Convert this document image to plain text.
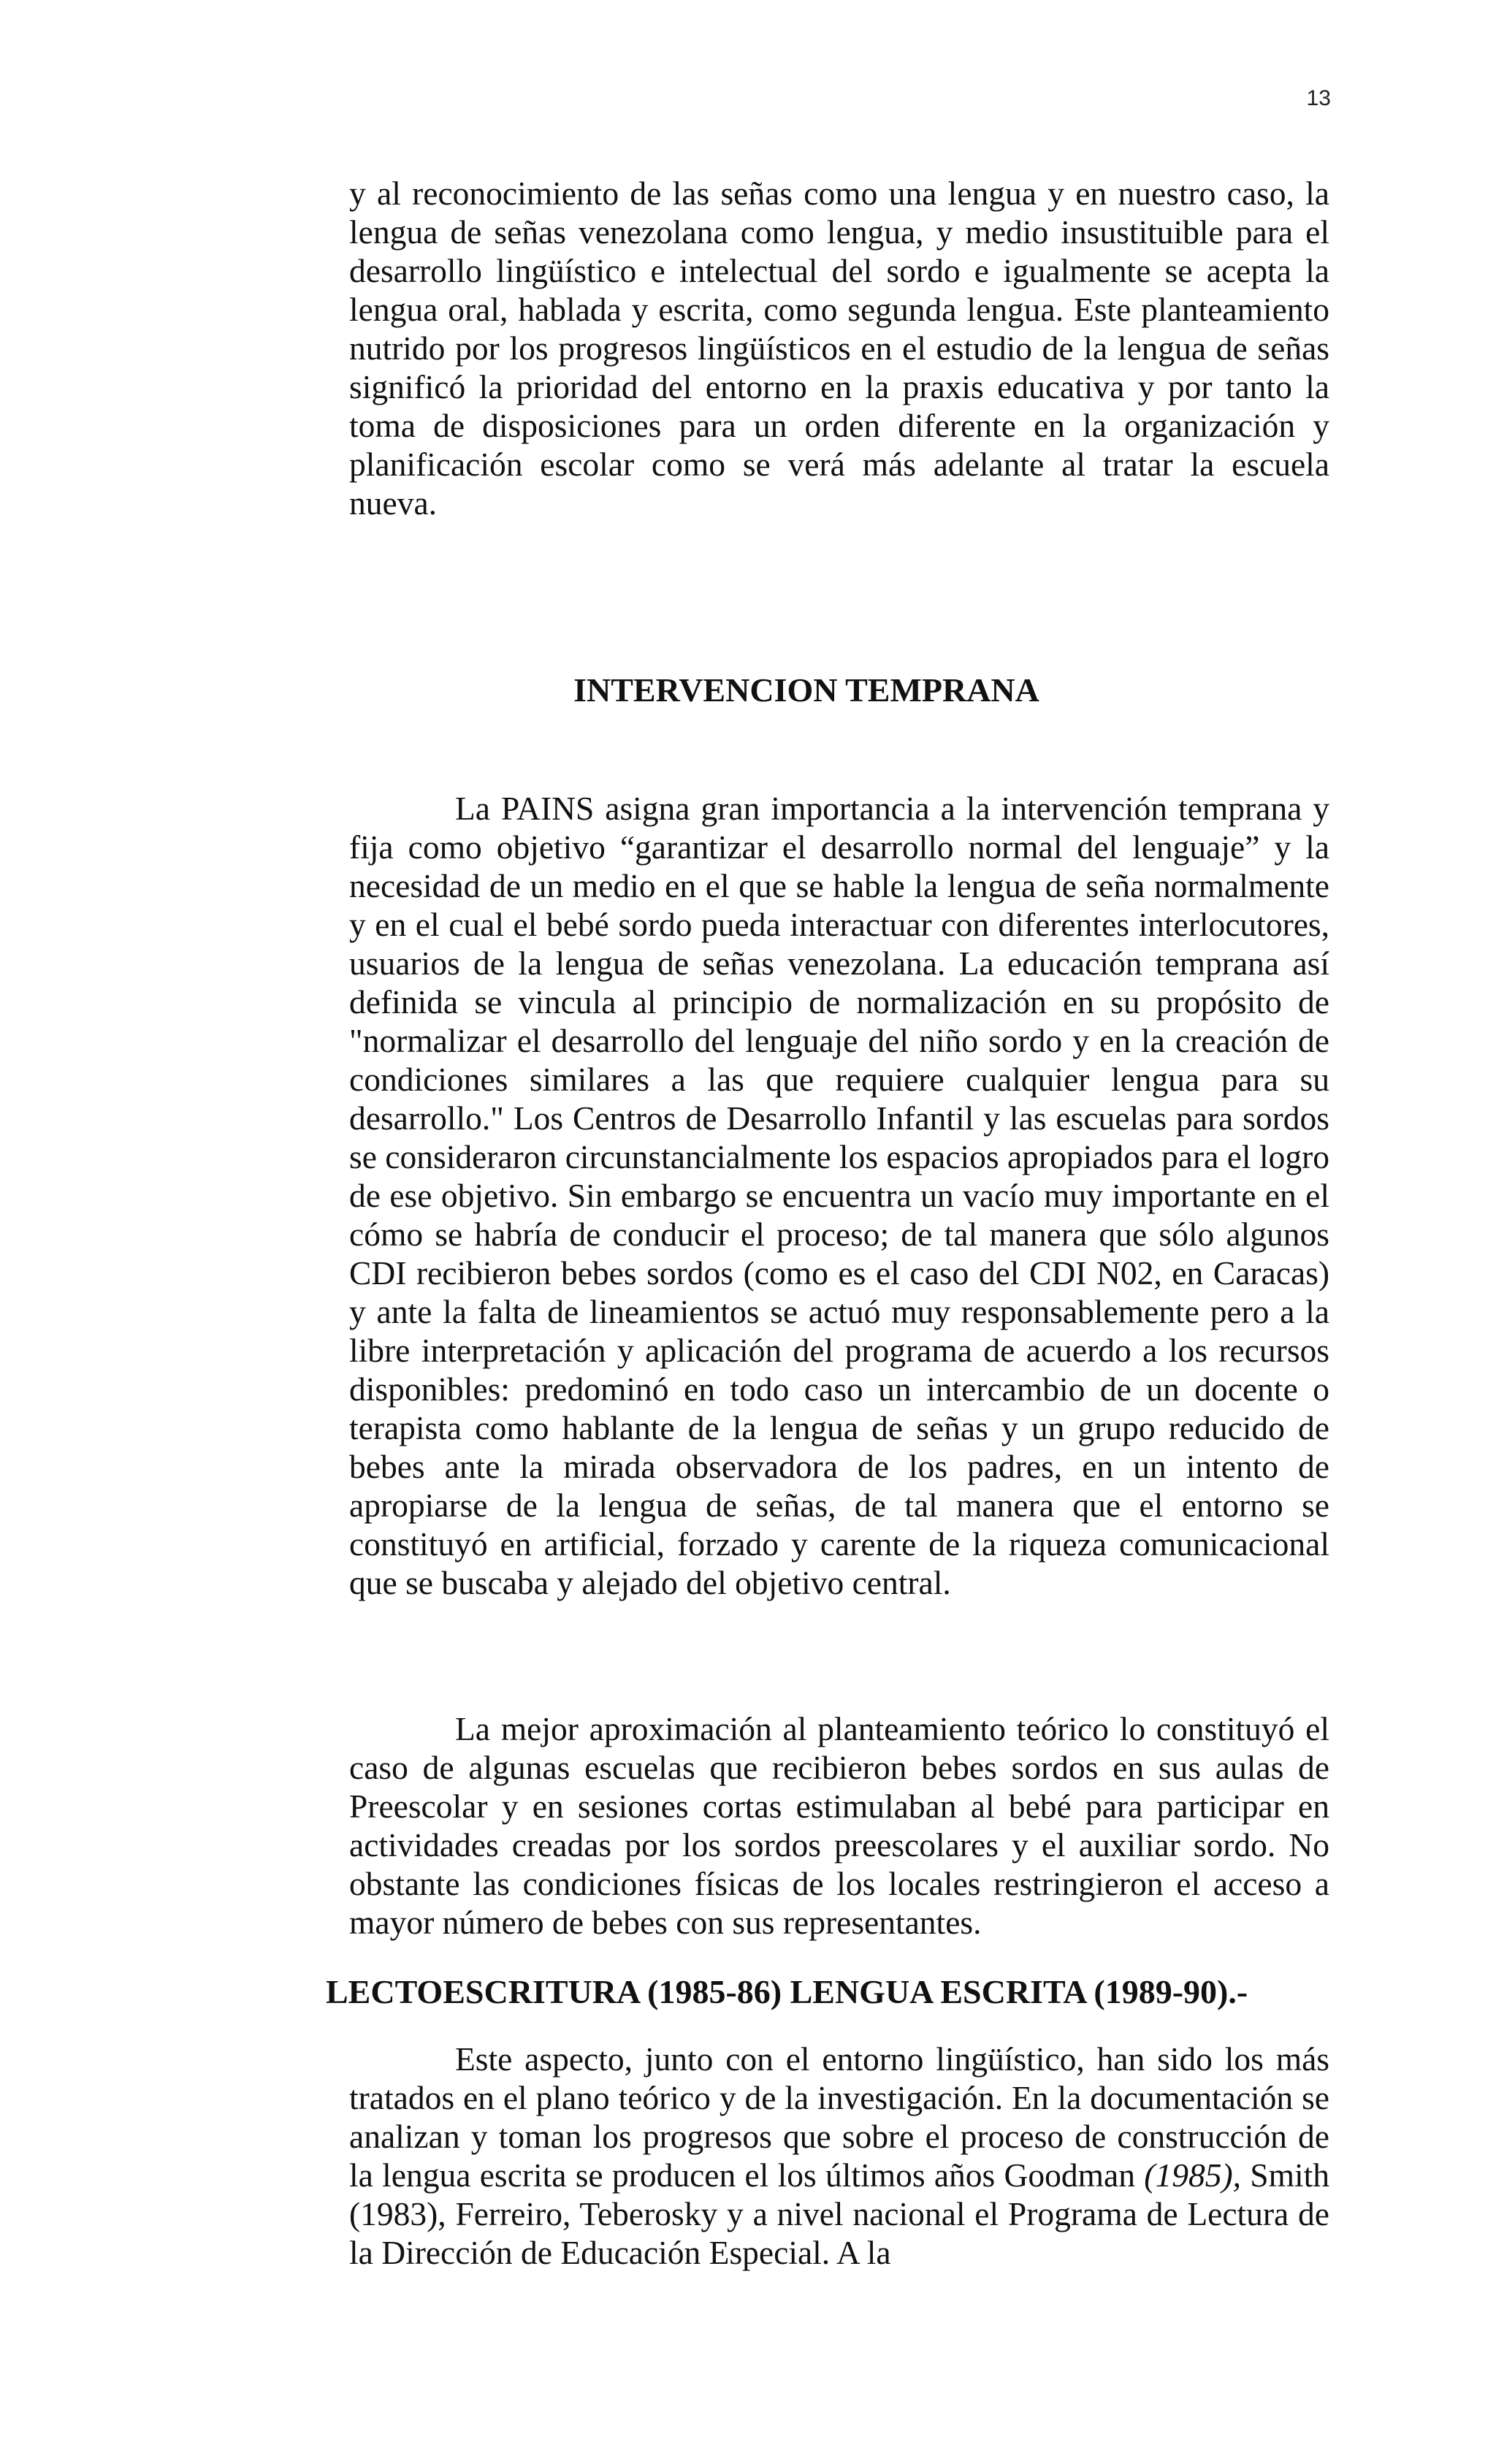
13

y al reconocimiento de las señas como una lengua y en nuestro caso, la lengua de señas venezolana como lengua, y medio insustituible para el desarrollo lingüístico e intelectual del sordo e igualmente se acepta la lengua oral, hablada y escrita, como segunda lengua. Este planteamiento nutrido por los progresos lingüísticos en el estudio de la lengua de señas significó la prioridad del entorno en la praxis educativa y por tanto la toma de disposiciones para un orden diferente en la organización y planificación escolar como se verá más adelante al tratar la escuela nueva.

INTERVENCION TEMPRANA

La PAINS asigna gran importancia a la intervención temprana y fija como objetivo “garantizar el desarrollo normal del lenguaje” y la necesidad de un medio en el que se hable la lengua de seña normalmente y en el cual el bebé sordo pueda interactuar con diferentes interlocutores, usuarios de la lengua de señas venezolana. La educación temprana así definida se vincula al principio de normalización en su propósito de "normalizar el desarrollo del lenguaje del niño sordo y en la creación de condiciones similares a las que requiere cualquier lengua para su desarrollo." Los Centros de Desarrollo Infantil y las escuelas para sordos se consideraron circunstancialmente los espacios apropiados para el logro de ese objetivo. Sin embargo se encuentra un vacío muy importante en el cómo se habría de conducir el proceso; de tal manera que sólo algunos CDI recibieron bebes sordos (como es el caso del CDI N02, en Caracas) y ante la falta de lineamientos se actuó muy responsablemente pero a la libre interpretación y aplicación del programa de acuerdo a los recursos disponibles: predominó en todo caso un intercambio de un docente o terapista como hablante de la lengua de señas y un grupo reducido de bebes ante la mirada observadora de los padres, en un intento de apropiarse de la lengua de señas, de tal manera que el entorno se constituyó en artificial, forzado y carente de la riqueza comunicacional que se buscaba y alejado del objetivo central.

La mejor aproximación al planteamiento teórico lo constituyó el caso de algunas escuelas que recibieron bebes sordos en sus aulas de Preescolar y en sesiones cortas estimulaban al bebé para participar en actividades creadas por los sordos preescolares y el auxiliar sordo. No obstante las condiciones físicas de los locales restringieron el acceso a mayor número de bebes con sus representantes.

LECTOESCRITURA (1985-86) LENGUA ESCRITA (1989-90).-

Este aspecto, junto con el entorno lingüístico, han sido los más tratados en el plano teórico y de la investigación. En la documentación se analizan y toman los progresos que sobre el proceso de construcción de la lengua escrita se producen el los últimos años Goodman (1985), Smith (1983), Ferreiro, Teberosky y a nivel nacional el Programa de Lectura de la Dirección de Educación Especial. A la
